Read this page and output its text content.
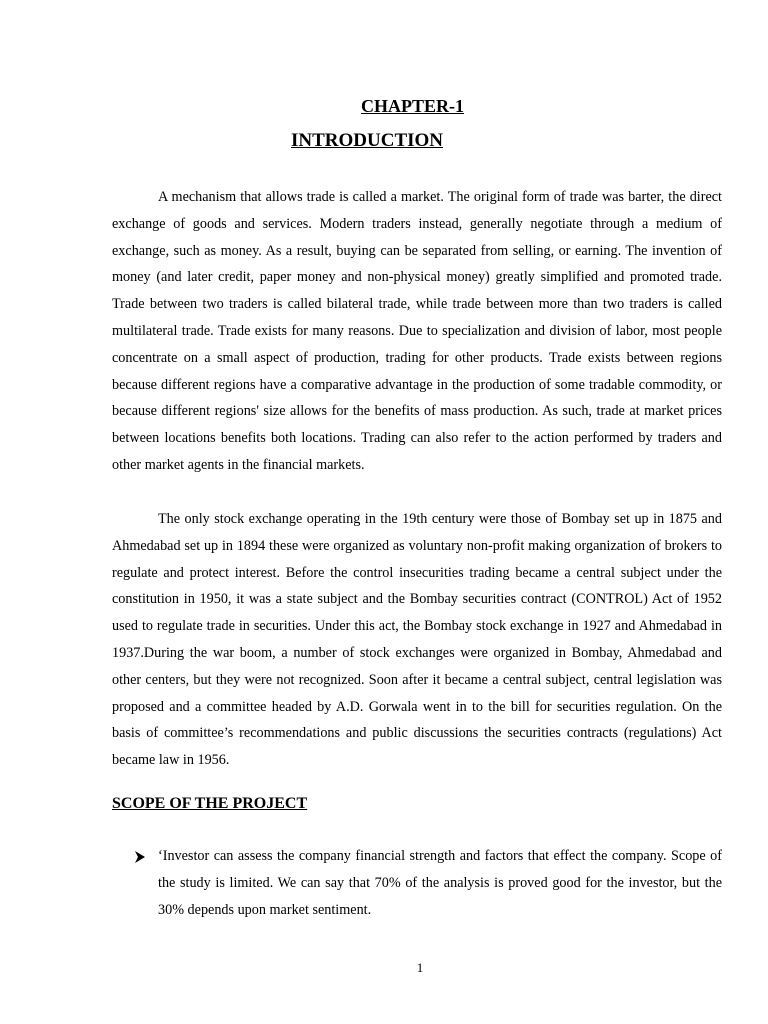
CHAPTER-1
INTRODUCTION

A mechanism that allows trade is called a market. The original form of trade was barter, the direct exchange of goods and services. Modern traders instead, generally negotiate through a medium of exchange, such as money. As a result, buying can be separated from selling, or earning. The invention of money (and later credit, paper money and non-physical money) greatly simplified and promoted trade. Trade between two traders is called bilateral trade, while trade between more than two traders is called multilateral trade. Trade exists for many reasons. Due to specialization and division of labor, most people concentrate on a small aspect of production, trading for other products. Trade exists between regions because different regions have a comparative advantage in the production of some tradable commodity, or because different regions' size allows for the benefits of mass production. As such, trade at market prices between locations benefits both locations. Trading can also refer to the action performed by traders and other market agents in the financial markets.

The only stock exchange operating in the 19th century were those of Bombay set up in 1875 and Ahmedabad set up in 1894 these were organized as voluntary non-profit making organization of brokers to regulate and protect interest. Before the control insecurities trading became a central subject under the constitution in 1950, it was a state subject and the Bombay securities contract (CONTROL) Act of 1952 used to regulate trade in securities. Under this act, the Bombay stock exchange in 1927 and Ahmedabad in 1937.During the war boom, a number of stock exchanges were organized in Bombay, Ahmedabad and other centers, but they were not recognized. Soon after it became a central subject, central legislation was proposed and a committee headed by A.D. Gorwala went in to the bill for securities regulation. On the basis of committee’s recommendations and public discussions the securities contracts (regulations) Act became law in 1956.

SCOPE OF THE PROJECT

‘Investor can assess the company financial strength and factors that effect the company. Scope of the study is limited. We can say that 70% of the analysis is proved good for the investor, but the 30% depends upon market sentiment.

1
